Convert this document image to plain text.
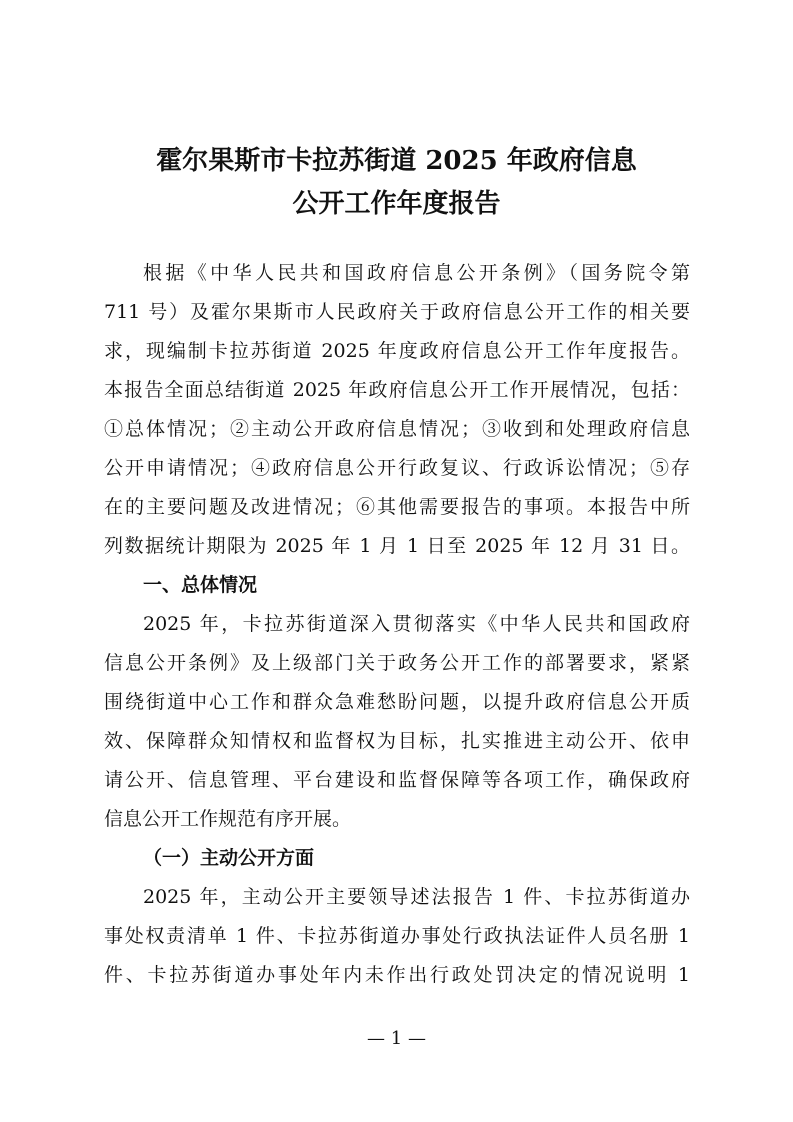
霍尔果斯市卡拉苏街道 2025 年政府信息
公开工作年度报告
根据《中华人民共和国政府信息公开条例》（国务院令第
711 号）及霍尔果斯市人民政府关于政府信息公开工作的相关要
求，现编制卡拉苏街道 2025 年度政府信息公开工作年度报告。
本报告全面总结街道 2025 年政府信息公开工作开展情况，包括：
①总体情况；②主动公开政府信息情况；③收到和处理政府信息
公开申请情况；④政府信息公开行政复议、行政诉讼情况；⑤存
在的主要问题及改进情况；⑥其他需要报告的事项。本报告中所
列数据统计期限为 2025 年 1 月 1 日至 2025 年 12 月 31 日。
一、总体情况
2025 年，卡拉苏街道深入贯彻落实《中华人民共和国政府
信息公开条例》及上级部门关于政务公开工作的部署要求，紧紧
围绕街道中心工作和群众急难愁盼问题，以提升政府信息公开质
效、保障群众知情权和监督权为目标，扎实推进主动公开、依申
请公开、信息管理、平台建设和监督保障等各项工作，确保政府
信息公开工作规范有序开展。
（一）主动公开方面
2025 年，主动公开主要领导述法报告 1 件、卡拉苏街道办
事处权责清单 1 件、卡拉苏街道办事处行政执法证件人员名册 1
件、卡拉苏街道办事处年内未作出行政处罚决定的情况说明 1
— 1 —
